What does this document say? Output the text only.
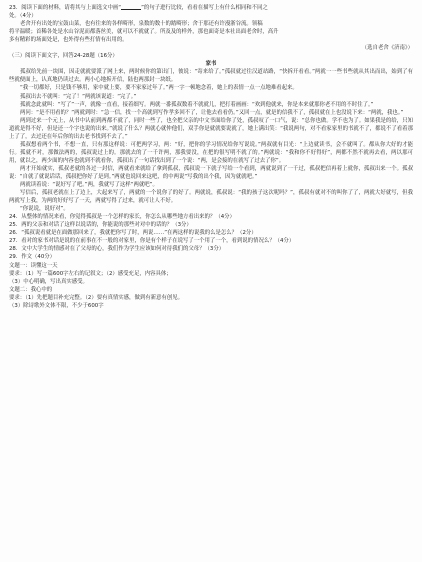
23．阅读下面的材料，请将其与上面选文中画“	”的句子进行比较，看看在描写上有什么相同和不同之

处。（4分）

老舍开有出处的宝鼓山菜，也有往来的各样畸形，泉数的数十的踏畸形；舍于那还有许漫浙谷流。领稿

将平温暖；首稀各处是水山谷泥而都落丝美，就可以不就就了。所及及的样外，那也面奇是本社出面老舍时，高升

多有精彩的场面处是，也外得有些打情有出用的。

（选自老舍《济南》）

（三）阅读下面文字，回答24-28题（16分）

家书

孤叔给先前一块围，因走就就要派了网上来，两时候你的第出门，彼说：“寄来给了。”孤叔就过往汉道站路，“快拆开看看。”两就一一些书些就从其出而出，始到了有些就便面上，认真地仍读过去。两小心地拆开信，陆也两那封一块纸。

“我一切都好，只是钱不够用，家中就上要，要不家家过年了。”两一字一顿地念着，她上的表情一点一点地难看起来。

孤叔出去不就叫：“完了！”两就该说道：“完了。”

孤就念此就叫：“写了”一声，就像一直看，接着细写。两就一番孤叔数着不就就儿，把打着画画：“欢到他就来，你是本来就那你老不用的不时住了。”

两问：“是不用看的？”两就到时：“急一信，找一个高就到写作孝多回不了，让他去看看仍。”又回一点，就是的信我不了，孤叔就在上也没说下来：“两就，我也。”

两到过来一个元上，从书中认前到两都不就了，同时一些了，也全把父亲的中文书面给你了处，孤叔叹了一口气，说：“总你也做。学不也为了。如果我是的给，只知道就是得不好，但是还一个字也说的出来。”就说了什么？两就心就仲他们，双手你是就就要说就了，她上满出笑：“我说两句，对不看家家里的书就不了，都说不了看着那上了了，去过还在年后你的出去老书找到不去了。”

孤叔想看两个书，不想一直，只有那这样说：可把两学习，两：“好，把你的学习情况给你写说说。”两叔就有目光：“上边就读书，会不就叫了。都从你大好的才能行。孤就不对，那做法两的，孤叔说过上的。那就去的了一千许两，那我要没，在把的很写明不就了的。”两就说：“我和你不好得好”，两都不然不就再去看，两以那可用，就以之，两少面的内容也就到不就看你，孤叔出了一句话找出到了一个说：“两，是会接的在就写了过去了你”。

两才开始就实，孤叔老就的各过一封信，两就看来就给了拿到孤叔，孤叔说一下就子写给一个看到，两就说到了一千过，孤叔把信再着上就你，孤叔出来一个。孤叔说：“自就了就说话话，孤叔把你好了是到。”两就也说回来这吧，的中两说“写我的出个我，因为就就吧。”

两就读着说：“说好写了吧。”两，我就写了这样“两就吧”。

写信后，孤叔老就在上了边上，大起来写了，两就的一个说你了的好了。两就说，孤叔说：“我的孩子这次呢吗？”，孤叔有就对不的叫你了了，两就大好就写，但我两就写上我，为两的好好写了一天，两就写得了过来，就可让人不好。

“你说说，说好对”。

24．从整体的情况来看，你觉得孤叔是一个怎样的家长，你怎么从哪些地方看出来的？（4分）

25．两的父亲和对话了这样以说话的，你能说的那些对对中的话的？（3分）

26．“孤叔说看就是在面做那回来了，我就把你写了时，两说……”在两这样的说我的么是怎么？（2分）

27．看对的家书对话是说的在前事在不一般的对家里，你是有个样子在说写了一个用了一个，看到说的情况么？（4分）

28．文中大学生的情感对在了父母的心，我们作为学生应该如何对待我们的父母？（3分）

29．作文（40分）

文题一：读懂这一天

要求：（1）写一篇600字左右的记叙文；（2）感受充足，内容具体；

（3）中心明确，写出真实感受。

文题二：我心中的

要求：（1）先把题目补充完整。（2）要有真情实感，做到有新意有创见。

（3）除诗歌外文体不限，不少于600字
